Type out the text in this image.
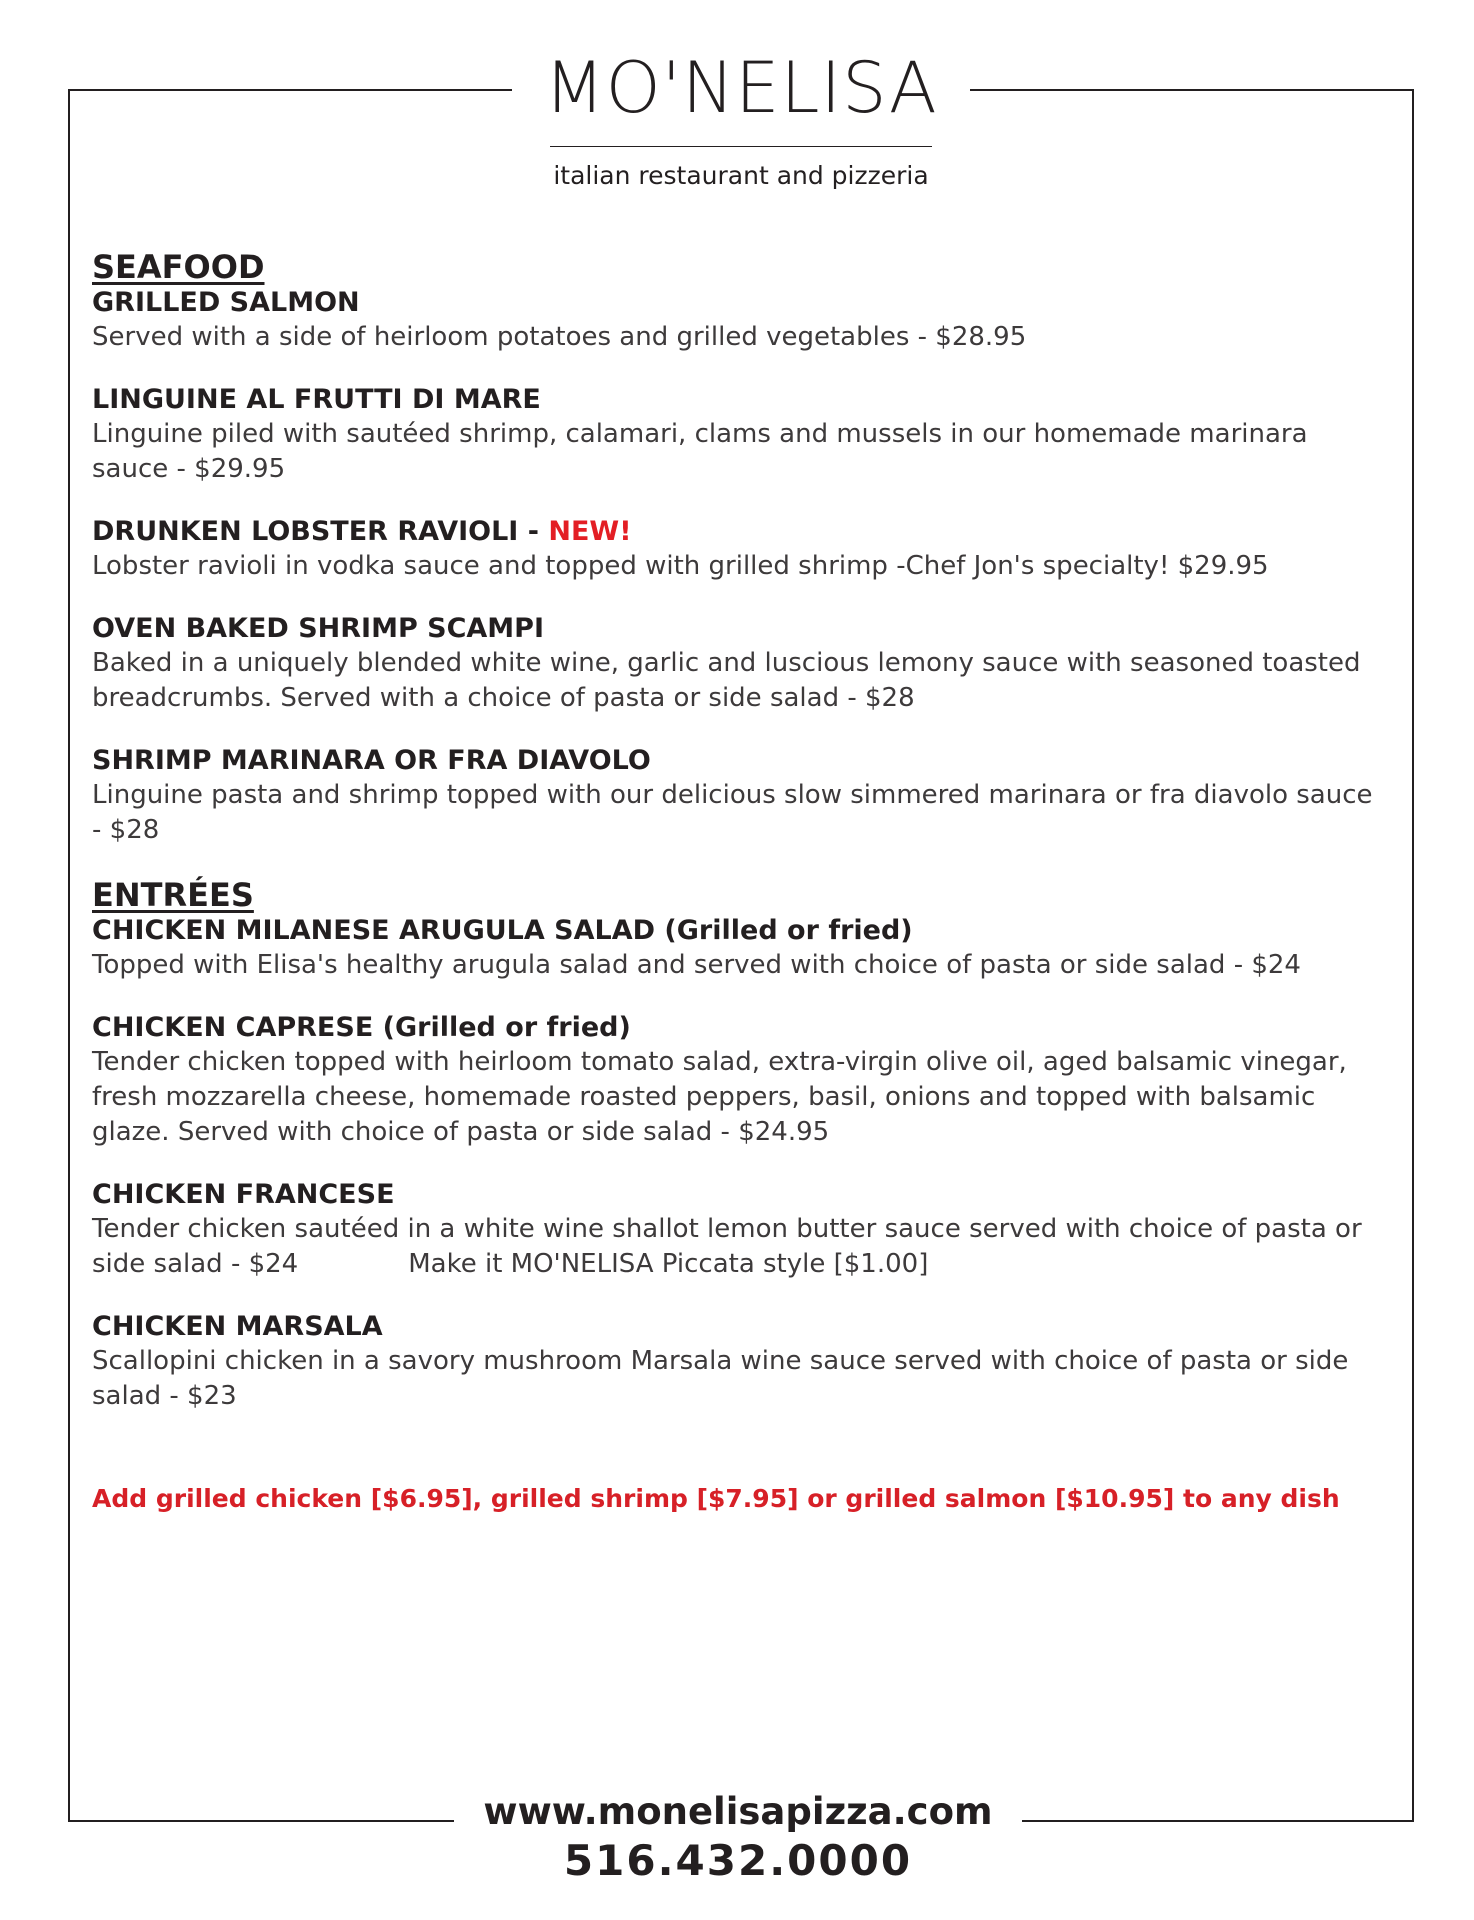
MO'NELISA
italian restaurant and pizzeria
SEAFOOD
GRILLED SALMON
Served with a side of heirloom potatoes and grilled vegetables - $28.95
LINGUINE AL FRUTTI DI MARE
Linguine piled with sautéed shrimp, calamari, clams and mussels in our homemade marinara sauce - $29.95
DRUNKEN LOBSTER RAVIOLI - NEW!
Lobster ravioli in vodka sauce and topped with grilled shrimp -Chef Jon's specialty! $29.95
OVEN BAKED SHRIMP SCAMPI
Baked in a uniquely blended white wine, garlic and luscious lemony sauce with seasoned toasted breadcrumbs. Served with a choice of pasta or side salad - $28
SHRIMP MARINARA OR FRA DIAVOLO
Linguine pasta and shrimp topped with our delicious slow simmered marinara or fra diavolo sauce - $28
ENTRÉES
CHICKEN MILANESE ARUGULA SALAD (Grilled or fried)
Topped with Elisa's healthy arugula salad and served with choice of pasta or side salad - $24
CHICKEN CAPRESE (Grilled or fried)
Tender chicken topped with heirloom tomato salad, extra-virgin olive oil, aged balsamic vinegar, fresh mozzarella cheese, homemade roasted peppers, basil, onions and topped with balsamic glaze. Served with choice of pasta or side salad - $24.95
CHICKEN FRANCESE
Tender chicken sautéed in a white wine shallot lemon butter sauce served with choice of pasta or side salad - $24	Make it MO'NELISA Piccata style [$1.00]
CHICKEN MARSALA
Scallopini chicken in a savory mushroom Marsala wine sauce served with choice of pasta or side salad - $23
Add grilled chicken [$6.95], grilled shrimp [$7.95] or grilled salmon [$10.95] to any dish
www.monelisapizza.com
516.432.0000
